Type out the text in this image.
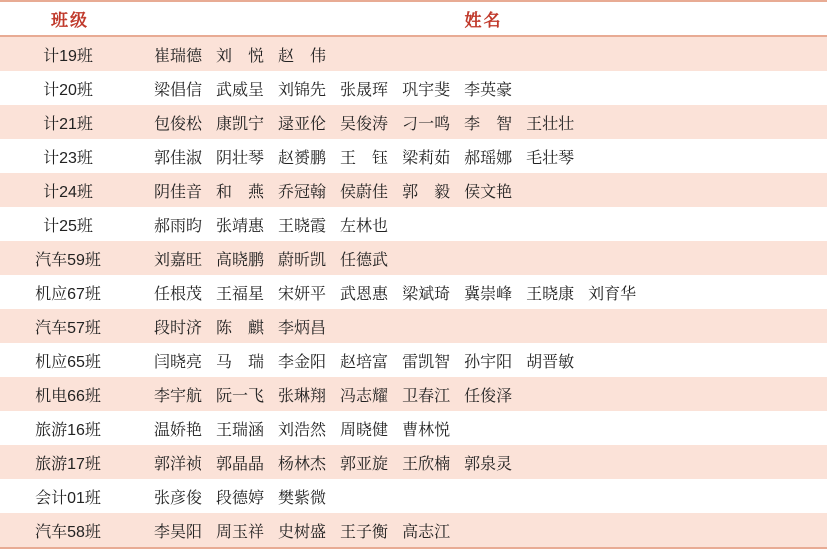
班级	姓名
计19班	崔瑞德 刘　悦 赵　伟
计20班	梁倡信 武威呈 刘锦先 张晟珲 巩宇斐 李英豪
计21班	包俊松 康凯宁 逯亚伦 吴俊涛 刁一鸣 李　智 王壮壮
计23班	郭佳淑 阴壮琴 赵赟鹏 王　钰 梁莉茹 郝瑶娜 毛壮琴
计24班	阴佳音 和　燕 乔冠翰 侯蔚佳 郭　毅 侯文艳
计25班	郝雨昀 张靖惠 王晓霞 左林也
汽车59班	刘嘉旺 高晓鹏 蔚昕凯 任德武
机应67班	任根茂 王福星 宋妍平 武恩惠 梁斌琦 冀崇峰 王晓康 刘育华
汽车57班	段时济 陈　麒 李炳昌
机应65班	闫晓亮 马　瑞 李金阳 赵培富 雷凯智 孙宇阳 胡晋敏
机电66班	李宇航 阮一飞 张琳翔 冯志耀 卫春江 任俊泽
旅游16班	温娇艳 王瑞涵 刘浩然 周晓健 曹林悦
旅游17班	郭洋祯 郭晶晶 杨林杰 郭亚旋 王欣楠 郭泉灵
会计01班	张彦俊 段德婷 樊紫微
汽车58班	李昊阳 周玉祥 史树盛 王子衡 高志江
